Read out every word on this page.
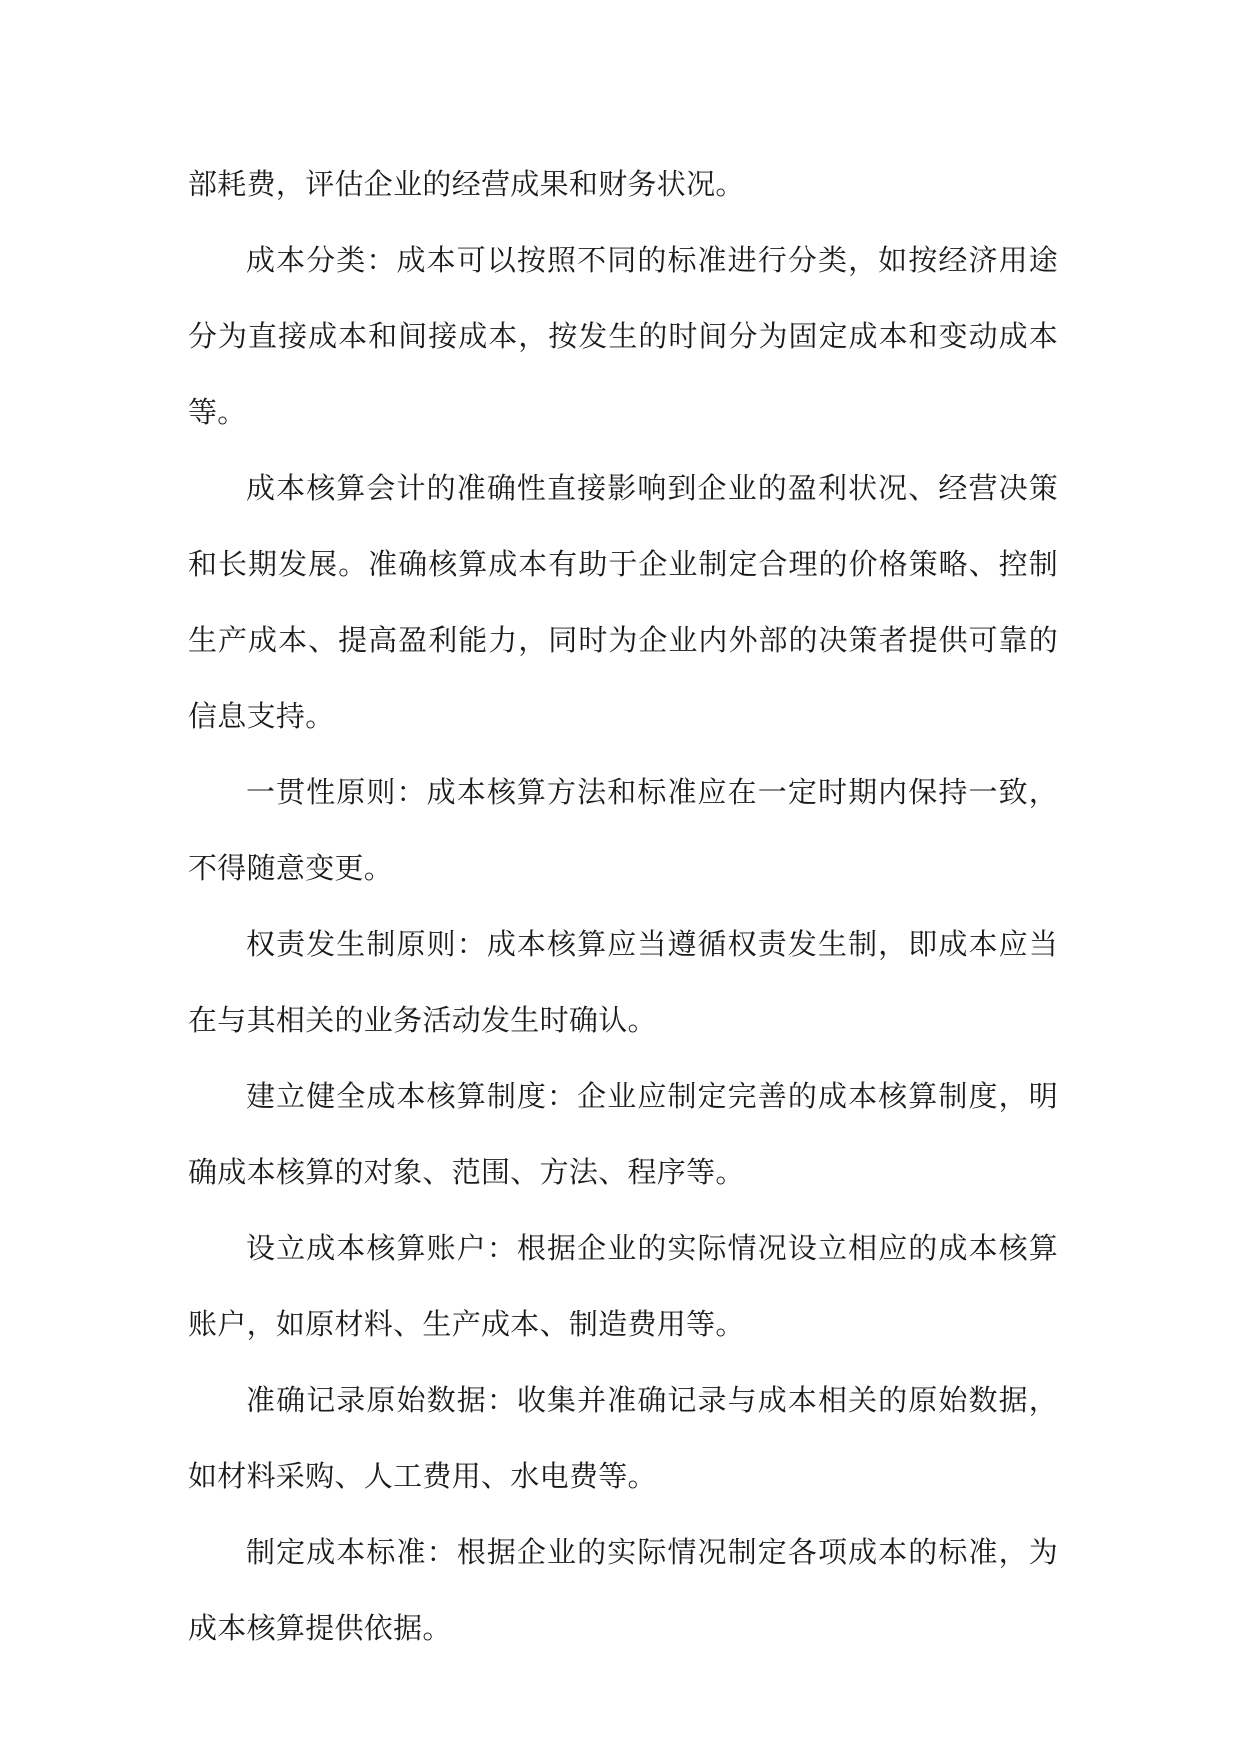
部耗费，评估企业的经营成果和财务状况。

成本分类：成本可以按照不同的标准进行分类，如按经济用途分为直接成本和间接成本，按发生的时间分为固定成本和变动成本等。

成本核算会计的准确性直接影响到企业的盈利状况、经营决策和长期发展。准确核算成本有助于企业制定合理的价格策略、控制生产成本、提高盈利能力，同时为企业内外部的决策者提供可靠的信息支持。

一贯性原则：成本核算方法和标准应在一定时期内保持一致，不得随意变更。

权责发生制原则：成本核算应当遵循权责发生制，即成本应当在与其相关的业务活动发生时确认。

建立健全成本核算制度：企业应制定完善的成本核算制度，明确成本核算的对象、范围、方法、程序等。

设立成本核算账户：根据企业的实际情况设立相应的成本核算账户，如原材料、生产成本、制造费用等。

准确记录原始数据：收集并准确记录与成本相关的原始数据，如材料采购、人工费用、水电费等。

制定成本标准：根据企业的实际情况制定各项成本的标准，为成本核算提供依据。
